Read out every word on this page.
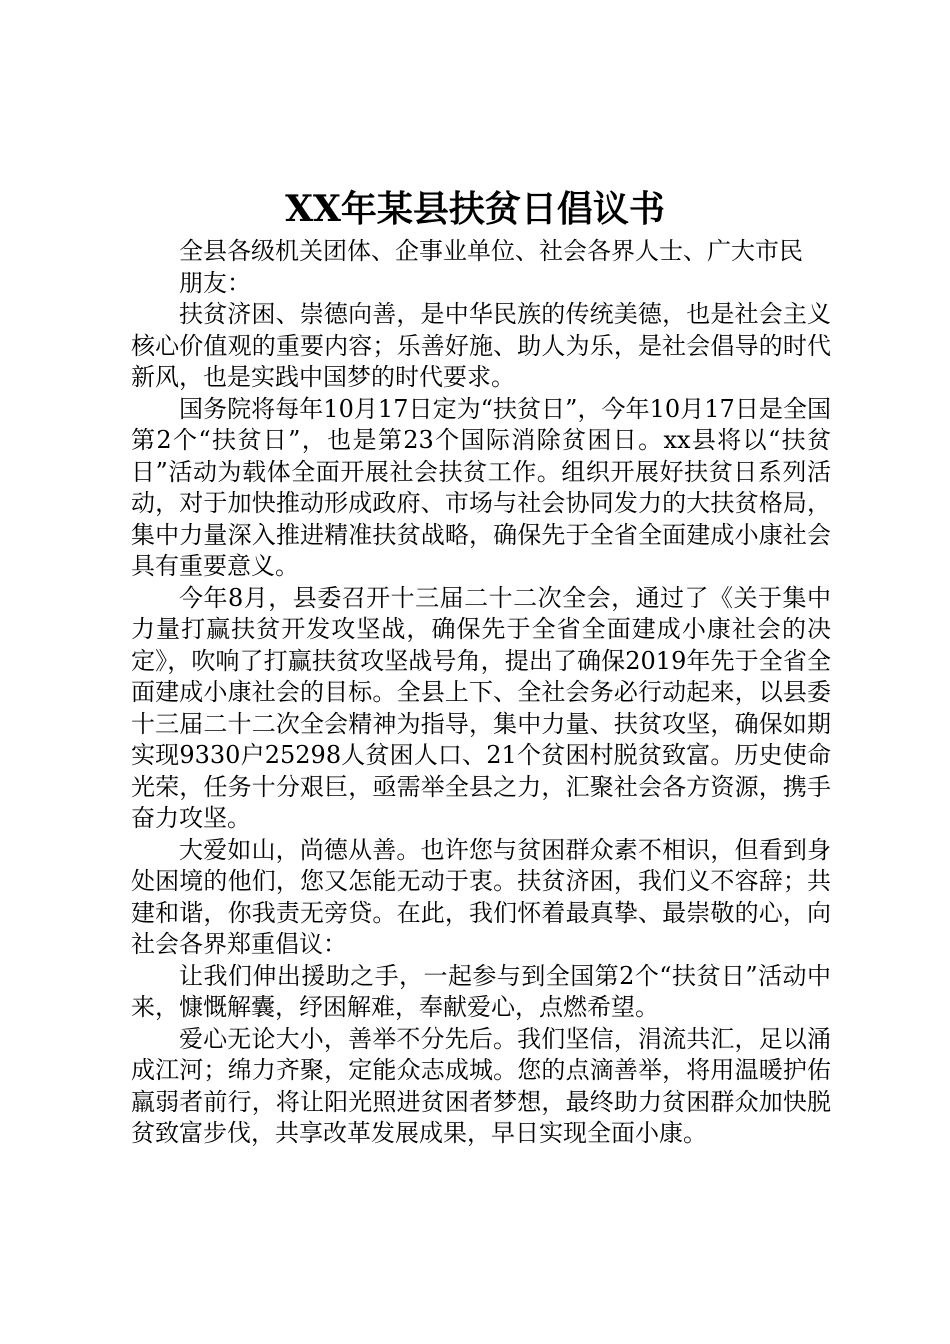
XX年某县扶贫日倡议书

全县各级机关团体、企事业单位、社会各界人士、广大市民

朋友：

扶贫济困、崇德向善，是中华民族的传统美德，也是社会主义核心价值观的重要内容；乐善好施、助人为乐，是社会倡导的时代新风，也是实践中国梦的时代要求。

国务院将每年10月17日定为“扶贫日”，今年10月17日是全国第2个“扶贫日”，也是第23个国际消除贫困日。xx县将以“扶贫日”活动为载体全面开展社会扶贫工作。组织开展好扶贫日系列活动，对于加快推动形成政府、市场与社会协同发力的大扶贫格局，集中力量深入推进精准扶贫战略，确保先于全省全面建成小康社会具有重要意义。

今年8月，县委召开十三届二十二次全会，通过了《关于集中力量打赢扶贫开发攻坚战，确保先于全省全面建成小康社会的决定》，吹响了打赢扶贫攻坚战号角，提出了确保2019年先于全省全面建成小康社会的目标。全县上下、全社会务必行动起来，以县委十三届二十二次全会精神为指导，集中力量、扶贫攻坚，确保如期实现9330户25298人贫困人口、21个贫困村脱贫致富。历史使命光荣，任务十分艰巨，亟需举全县之力，汇聚社会各方资源，携手奋力攻坚。

大爱如山，尚德从善。也许您与贫困群众素不相识，但看到身处困境的他们，您又怎能无动于衷。扶贫济困，我们义不容辞；共建和谐，你我责无旁贷。在此，我们怀着最真挚、最崇敬的心，向社会各界郑重倡议：

让我们伸出援助之手，一起参与到全国第2个“扶贫日”活动中来，慷慨解囊，纾困解难，奉献爱心，点燃希望。

爱心无论大小，善举不分先后。我们坚信，涓流共汇，足以涌成江河；绵力齐聚，定能众志成城。您的点滴善举，将用温暖护佑羸弱者前行，将让阳光照进贫困者梦想，最终助力贫困群众加快脱贫致富步伐，共享改革发展成果，早日实现全面小康。
